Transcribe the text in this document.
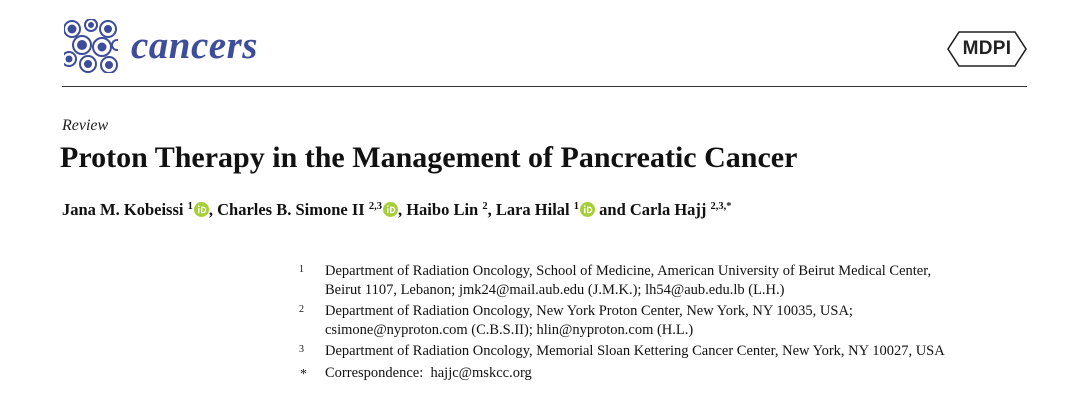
cancers	MDPI
Review
Proton Therapy in the Management of Pancreatic Cancer
Jana M. Kobeissi $^1$ , Charles B. Simone II $^{2,3}$ , Haibo Lin $^2$, Lara Hilal $^1$
and Carla Hajj $^{2,3,*}$
1 Department of Radiation Oncology, School of Medicine, American University of Beirut Medical Center,
Beirut 1107, Lebanon; jmk24@mail.aub.edu (J.M.K.); lh54@aub.edu.lb (L.H.)
2 Department of Radiation Oncology, New York Proton Center, New York, NY 10035, USA;
csimone@nyproton.com (C.B.S.II); hlin@nyproton.com (H.L.)
3 Department of Radiation Oncology, Memorial Sloan Kettering Cancer Center, New York, NY 10027, USA
* Correspondence:  hajjc@mskcc.org
